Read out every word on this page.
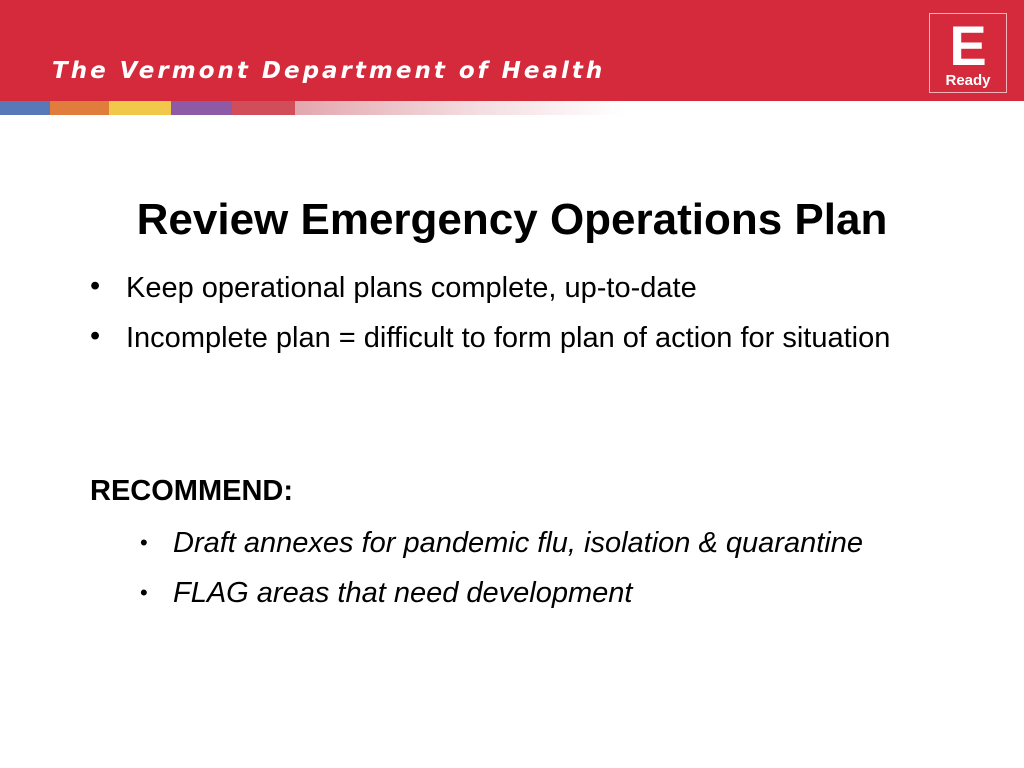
The Vermont Department of Health	E
Ready
Review Emergency Operations Plan
• Keep operational plans complete, up-to-date
• Incomplete plan = difficult to form plan of action for situation
RECOMMEND:
• Draft annexes for pandemic flu, isolation & quarantine
• FLAG areas that need development
